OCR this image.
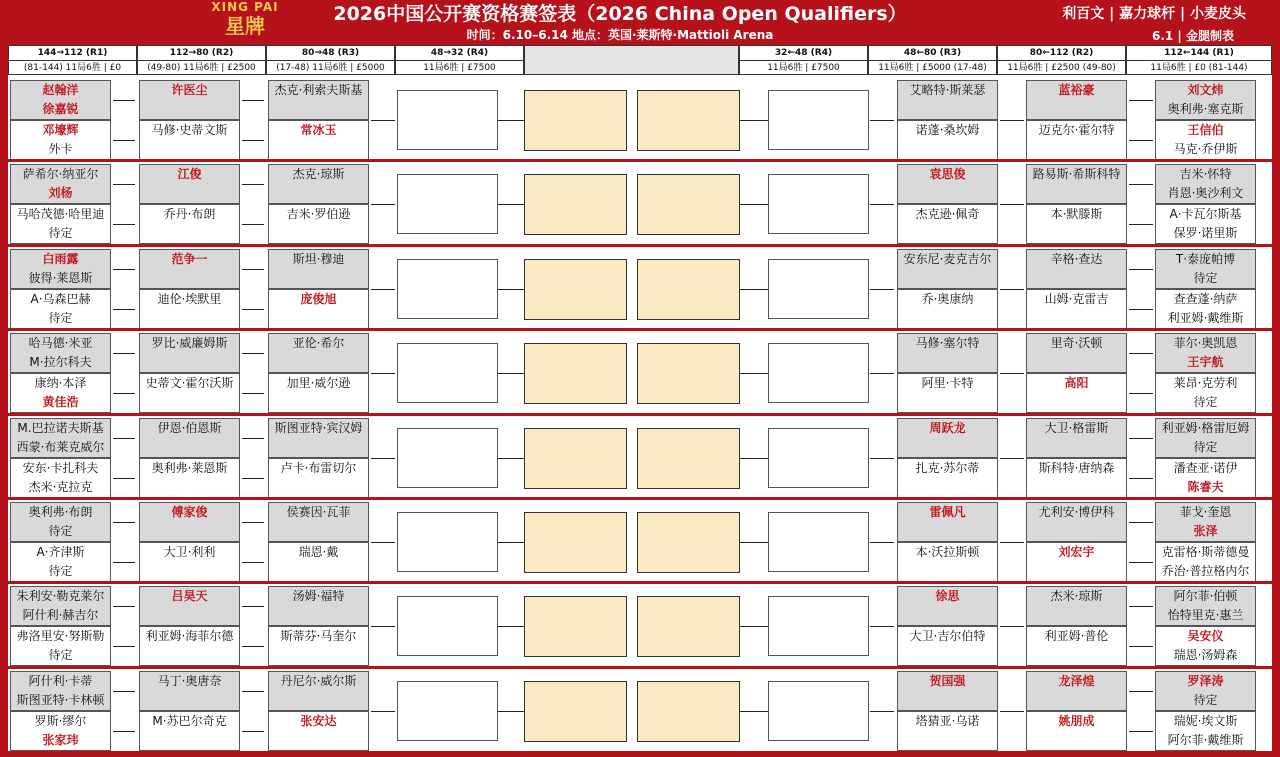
XING PAI
星牌	2026中国公开赛资格赛签表（2026 China Open Qualifiers）
时间：6.10–6.14 地点：英国·莱斯特·Mattioli Arena
利百文 | 嘉力球杆 | 小麦皮头
6.1 | 金腿制表
144→112 (R1)
(81-144) 11局6胜 | £0
112→80 (R2)
(49-80) 11局6胜 | £2500
80→48 (R3)
(17-48) 11局6胜 | £5000
48→32 (R4)
11局6胜 | £7500
32←48 (R4)
11局6胜 | £7500
48←80 (R3)
11局6胜 | £5000 (17-48)
80←112 (R2)
11局6胜 | £2500 (49-80)
112←144 (R1)
11局6胜 | £0 (81-144)
赵翰洋
徐嘉锐
邓壕辉
外卡
许医尘
马修·史蒂文斯
杰克·利索夫斯基
常冰玉
艾略特·斯莱瑟
诺蓬·桑坎姆
蓝裕豪
迈克尔·霍尔特
刘文炜
奥利弗·塞克斯
王信伯
马克·乔伊斯
萨希尔·纳亚尔
刘杨
马哈茂德·哈里迪
待定
江俊
乔丹·布朗
杰克·琼斯
吉米·罗伯逊
袁思俊
杰克逊·佩奇
路易斯·希斯科特
本·默滕斯
吉米·怀特
肖恩·奥沙利文
A·卡瓦尔斯基
保罗·诺里斯
白雨露
彼得·莱恩斯
A·乌森巴赫
待定
范争一
迪伦·埃默里
斯坦·穆迪
庞俊旭
安东尼·麦克吉尔
乔·奥康纳
辛格·查达
山姆·克雷吉
T·泰庞帕博
待定
查查蓬·纳萨
利亚姆·戴维斯
哈马德·米亚
M·拉尔科夫
康纳·本泽
黄佳浩
罗比·威廉姆斯
史蒂文·霍尔沃斯
亚伦·希尔
加里·威尔逊
马修·塞尔特
阿里·卡特
里奇·沃顿
高阳
菲尔·奥凯恩
王宇航
莱昂·克劳利
待定
M.巴拉诺夫斯基
西蒙·布莱克威尔
安东·卡扎科夫
杰米·克拉克
伊恩·伯恩斯
奥利弗·莱恩斯
斯图亚特·宾汉姆
卢卡·布雷切尔
周跃龙
扎克·苏尔蒂
大卫·格雷斯
斯科特·唐纳森
利亚姆·格雷厄姆
待定
潘查亚·诺伊
陈睿夫
奥利弗·布朗
待定
A·齐津斯
待定
傅家俊
大卫·利利
侯赛因·瓦菲
瑞恩·戴
雷佩凡
本·沃拉斯顿
尤利安·博伊科
刘宏宇
菲戈·奎恩
张泽
克雷格·斯蒂德曼
乔治·普拉格内尔
朱利安·勒克莱尔
阿什利·赫吉尔
弗洛里安·努斯勒
待定
吕昊天
利亚姆·海菲尔德
汤姆·福特
斯蒂芬·马奎尔
徐思
大卫·吉尔伯特
杰米·琼斯
利亚姆·普伦
阿尔菲·伯顿
怡特里克·惠兰
吴安仪
瑞恩·汤姆森
阿什利·卡蒂
斯图亚特·卡林顿
罗斯·缪尔
张家玮
马丁·奥唐奈
M·苏巴尔奇克
丹尼尔·威尔斯
张安达
贺国强
塔猜亚·乌诺
龙泽煌
姚朋成
罗泽涛
待定
瑞妮·埃文斯
阿尔菲·戴维斯
